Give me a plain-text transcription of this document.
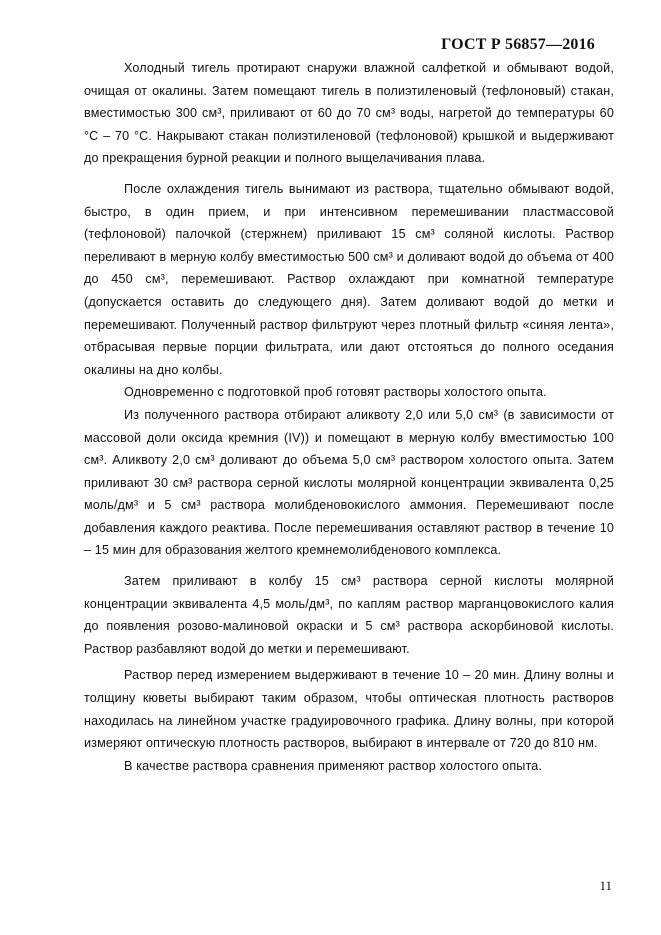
ГОСТ Р 56857—2016

Холодный тигель протирают снаружи влажной салфеткой и обмывают водой, очищая от окалины. Затем помещают тигель в полиэтиленовый (тефлоновый) стакан, вместимостью 300 см³, приливают от 60 до 70 см³ воды, нагретой до температуры 60 °С – 70 °С. Накрывают стакан полиэтиленовой (тефлоновой) крышкой и выдерживают до прекращения бурной реакции и полного выщелачивания плава.

После охлаждения тигель вынимают из раствора, тщательно обмывают водой, быстро, в один прием, и при интенсивном перемешивании пластмассовой (тефлоновой) палочкой (стержнем) приливают 15 см³ соляной кислоты. Раствор переливают в мерную колбу вместимостью 500 см³ и доливают водой до объема от 400 до 450 см³, перемешивают. Раствор охлаждают при комнатной температуре (допускается оставить до следующего дня). Затем доливают водой до метки и перемешивают. Полученный раствор фильтруют через плотный фильтр «синяя лента», отбрасывая первые порции фильтрата, или дают отстояться до полного оседания окалины на дно колбы.

Одновременно с подготовкой проб готовят растворы холостого опыта.

Из полученного раствора отбирают аликвоту 2,0 или 5,0 см³ (в зависимости от массовой доли оксида кремния (IV)) и помещают в мерную колбу вместимостью 100 см³. Аликвоту 2,0 см³ доливают до объема 5,0 см³ раствором холостого опыта. Затем приливают 30 см³ раствора серной кислоты молярной концентрации эквивалента 0,25 моль/дм³ и 5 см³ раствора молибденовокислого аммония. Перемешивают после добавления каждого реактива. После перемешивания оставляют раствор в течение 10 – 15 мин для образования желтого кремнемолибденового комплекса.

Затем приливают в колбу 15 см³ раствора серной кислоты молярной концентрации эквивалента 4,5 моль/дм³, по каплям раствор марганцовокислого калия до появления розово-малиновой окраски и 5 см³ раствора аскорбиновой кислоты. Раствор разбавляют водой до метки и перемешивают.

Раствор перед измерением выдерживают в течение 10 – 20 мин. Длину волны и толщину кюветы выбирают таким образом, чтобы оптическая плотность растворов находилась на линейном участке градуировочного графика. Длину волны, при которой измеряют оптическую плотность растворов, выбирают в интервале от 720 до 810 нм.

В качестве раствора сравнения применяют раствор холостого опыта.

11
